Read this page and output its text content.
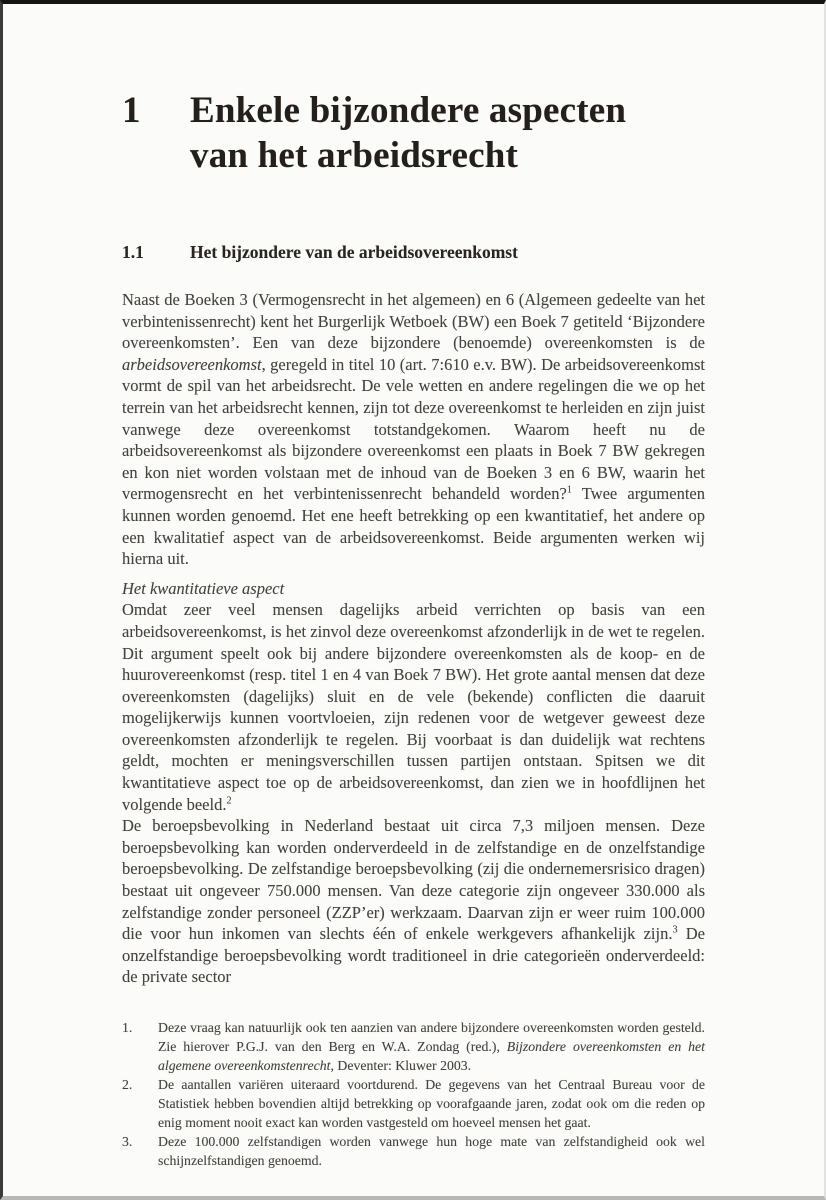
1	Enkele bijzondere aspecten
van het arbeidsrecht
1.1	Het bijzondere van de arbeidsovereenkomst

Naast de Boeken 3 (Vermogensrecht in het algemeen) en 6 (Algemeen gedeelte van het verbintenissenrecht) kent het Burgerlijk Wetboek (BW) een Boek 7 getiteld ‘Bijzondere overeenkomsten’. Een van deze bijzondere (benoemde) overeenkomsten is de arbeidsovereenkomst, geregeld in titel 10 (art. 7:610 e.v. BW). De arbeidsovereenkomst vormt de spil van het arbeidsrecht. De vele wetten en andere regelingen die we op het terrein van het arbeidsrecht kennen, zijn tot deze overeenkomst te herleiden en zijn juist vanwege deze overeenkomst totstandgekomen. Waarom heeft nu de arbeidsovereenkomst als bijzondere overeenkomst een plaats in Boek 7 BW gekregen en kon niet worden volstaan met de inhoud van de Boeken 3 en 6 BW, waarin het vermogensrecht en het verbintenissenrecht behandeld worden?$^1$ Twee argumenten kunnen worden genoemd. Het ene heeft betrekking op een kwantitatief, het andere op een kwalitatief aspect van de arbeidsovereenkomst. Beide argumenten werken wij hierna uit.

Het kwantitatieve aspect

Omdat zeer veel mensen dagelijks arbeid verrichten op basis van een arbeidsovereenkomst, is het zinvol deze overeenkomst afzonderlijk in de wet te regelen. Dit argument speelt ook bij andere bijzondere overeenkomsten als de koop- en de huurovereenkomst (resp. titel 1 en 4 van Boek 7 BW). Het grote aantal mensen dat deze overeenkomsten (dagelijks) sluit en de vele (bekende) conflicten die daaruit mogelijkerwijs kunnen voortvloeien, zijn redenen voor de wetgever geweest deze overeenkomsten afzonderlijk te regelen. Bij voorbaat is dan duidelijk wat rechtens geldt, mochten er meningsverschillen tussen partijen ontstaan. Spitsen we dit kwantitatieve aspect toe op de arbeidsovereenkomst, dan zien we in hoofdlijnen het volgende beeld.$^2$

De beroepsbevolking in Nederland bestaat uit circa 7,3 miljoen mensen. Deze beroepsbevolking kan worden onderverdeeld in de zelfstandige en de onzelfstandige beroepsbevolking. De zelfstandige beroepsbevolking (zij die ondernemersrisico dragen) bestaat uit ongeveer 750.000 mensen. Van deze categorie zijn ongeveer 330.000 als zelfstandige zonder personeel (ZZP’er) werkzaam. Daarvan zijn er weer ruim 100.000 die voor hun inkomen van slechts één of enkele werkgevers afhankelijk zijn.$^3$ De onzelfstandige beroepsbevolking wordt traditioneel in drie categorieën onderverdeeld: de private sector

1.	Deze vraag kan natuurlijk ook ten aanzien van andere bijzondere overeenkomsten worden gesteld. Zie hierover P.G.J. van den Berg en W.A. Zondag (red.), Bijzondere overeenkomsten en het algemene overeenkomstenrecht, Deventer: Kluwer 2003.

2.	De aantallen variëren uiteraard voortdurend. De gegevens van het Centraal Bureau voor de Statistiek hebben bovendien altijd betrekking op voorafgaande jaren, zodat ook om die reden op enig moment nooit exact kan worden vastgesteld om hoeveel mensen het gaat.

3.	Deze 100.000 zelfstandigen worden vanwege hun hoge mate van zelfstandigheid ook wel schijnzelfstandigen genoemd.
